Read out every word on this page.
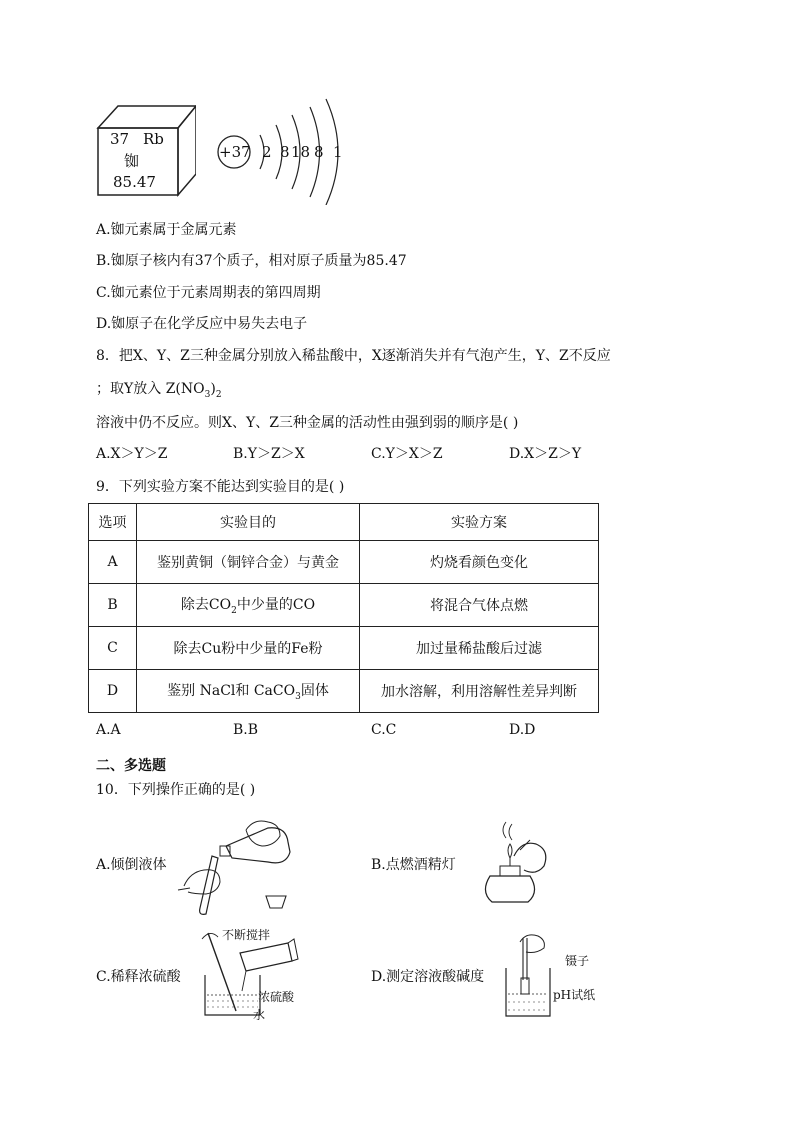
37 Rb
铷
85.47
+37 2 8 18 8 1
A.铷元素属于金属元素
B.铷原子核内有37个质子，相对原子质量为85.47
C.铷元素位于元素周期表的第四周期
D.铷原子在化学反应中易失去电子
8．把X、Y、Z三种金属分别放入稀盐酸中，X逐渐消失并有气泡产生，Y、Z不反应
；取Y放入 $Z(NO_3)_2$
溶液中仍不反应。则X、Y、Z三种金属的活动性由强到弱的顺序是( )
A.X＞Y＞Z	B.Y＞Z＞X	C.Y＞X＞Z	D.X＞Z＞Y
9．下列实验方案不能达到实验目的是( )
选项	实验目的	实验方案
A	鉴别黄铜（铜锌合金）与黄金	灼烧看颜色变化
B	除去$CO_2$中少量的CO	将混合气体点燃
C	除去Cu粉中少量的Fe粉	加过量稀盐酸后过滤
D	鉴别 NaCl和 CaCO$_3$固体	加水溶解，利用溶解性差异判断
A.A	B.B	C.C	D.D
二、多选题
10．下列操作正确的是( )
A.倾倒液体	B.点燃酒精灯
C.稀释浓硫酸
不断搅拌
浓硫酸
水
D.测定溶液酸碱度
镊子
pH试纸
